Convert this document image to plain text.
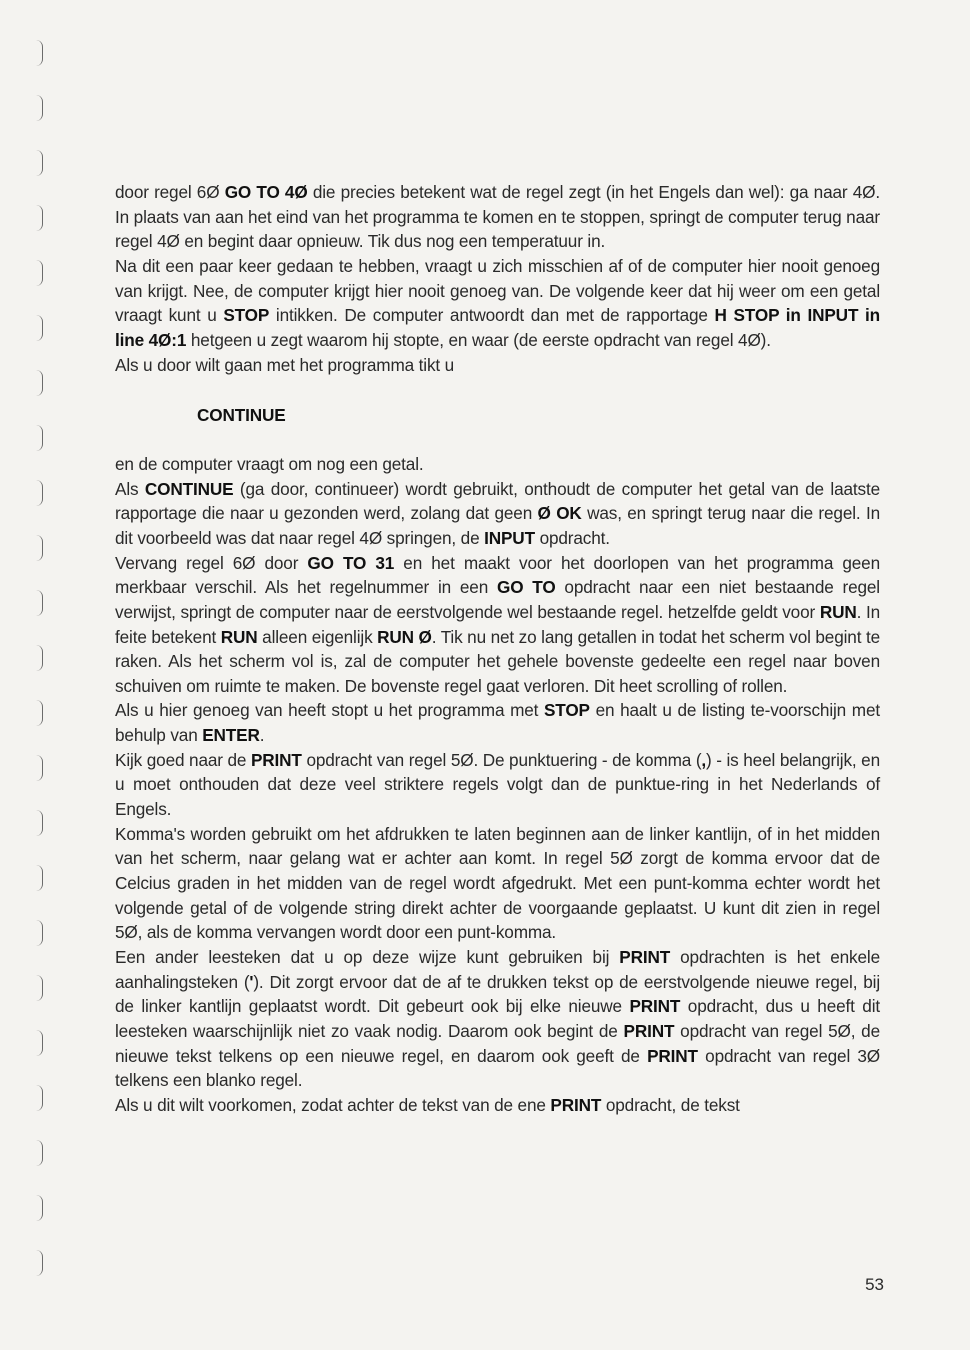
door regel 6Ø GO TO 4Ø die precies betekent wat de regel zegt (in het Engels dan wel): ga naar 4Ø. In plaats van aan het eind van het programma te komen en te stoppen, springt de computer terug naar regel 4Ø en begint daar opnieuw. Tik dus nog een temperatuur in.

Na dit een paar keer gedaan te hebben, vraagt u zich misschien af of de computer hier nooit genoeg van krijgt. Nee, de computer krijgt hier nooit genoeg van. De volgende keer dat hij weer om een getal vraagt kunt u STOP intikken. De computer antwoordt dan met de rapportage H STOP in INPUT in line 4Ø:1 hetgeen u zegt waarom hij stopte, en waar (de eerste opdracht van regel 4Ø).

Als u door wilt gaan met het programma tikt u

CONTINUE

en de computer vraagt om nog een getal.

Als CONTINUE (ga door, continueer) wordt gebruikt, onthoudt de computer het getal van de laatste rapportage die naar u gezonden werd, zolang dat geen Ø OK was, en springt terug naar die regel. In dit voorbeeld was dat naar regel 4Ø springen, de INPUT opdracht.

Vervang regel 6Ø door GO TO 31 en het maakt voor het doorlopen van het programma geen merkbaar verschil. Als het regelnummer in een GO TO opdracht naar een niet bestaande regel verwijst, springt de computer naar de eerstvolgende wel bestaande regel. hetzelfde geldt voor RUN. In feite betekent RUN alleen eigenlijk RUN Ø. Tik nu net zo lang getallen in todat het scherm vol begint te raken. Als het scherm vol is, zal de computer het gehele bovenste gedeelte een regel naar boven schuiven om ruimte te maken. De bovenste regel gaat verloren. Dit heet scrolling of rollen.

Als u hier genoeg van heeft stopt u het programma met STOP en haalt u de listing te-voorschijn met behulp van ENTER.

Kijk goed naar de PRINT opdracht van regel 5Ø. De punktuering - de komma (,) - is heel belangrijk, en u moet onthouden dat deze veel striktere regels volgt dan de punktue-ring in het Nederlands of Engels.

Komma's worden gebruikt om het afdrukken te laten beginnen aan de linker kantlijn, of in het midden van het scherm, naar gelang wat er achter aan komt. In regel 5Ø zorgt de komma ervoor dat de Celcius graden in het midden van de regel wordt afgedrukt. Met een punt-komma echter wordt het volgende getal of de volgende string direkt achter de voorgaande geplaatst. U kunt dit zien in regel 5Ø, als de komma vervangen wordt door een punt-komma.

Een ander leesteken dat u op deze wijze kunt gebruiken bij PRINT opdrachten is het enkele aanhalingsteken ('). Dit zorgt ervoor dat de af te drukken tekst op de eerstvolgende nieuwe regel, bij de linker kantlijn geplaatst wordt. Dit gebeurt ook bij elke nieuwe PRINT opdracht, dus u heeft dit leesteken waarschijnlijk niet zo vaak nodig. Daarom ook begint de PRINT opdracht van regel 5Ø, de nieuwe tekst telkens op een nieuwe regel, en daarom ook geeft de PRINT opdracht van regel 3Ø telkens een blanko regel.

Als u dit wilt voorkomen, zodat achter de tekst van de ene PRINT opdracht, de tekst

53
